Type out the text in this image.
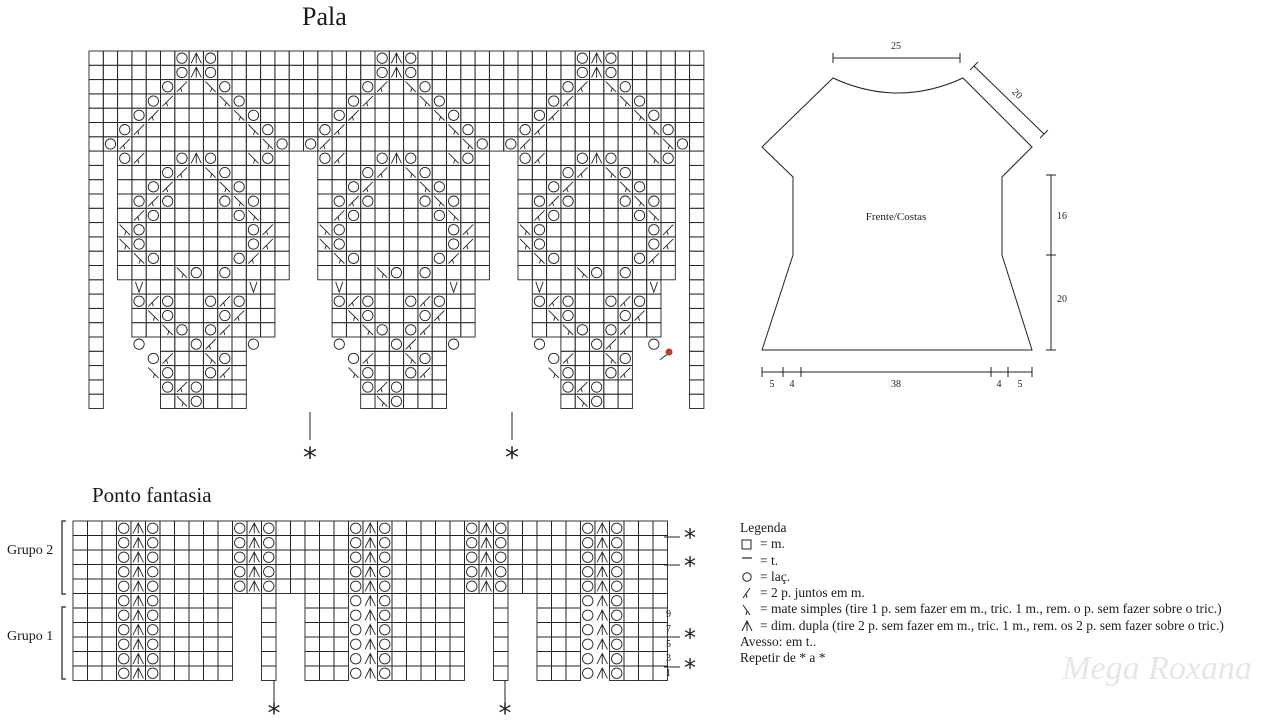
Pala
Ponto fantasia
*	*
*	*
*
*
*
*
Frente/Costas
25
20
16
20
5 4	38	4 5
9
7
5
3
1
Grupo 2
Grupo 1
Legenda
= m.
= t.
= laç.
= 2 p. juntos em m.
= mate simples (tire 1 p. sem fazer em m., tric. 1 m., rem. o p. sem fazer sobre o tric.)
= dim. dupla (tire 2 p. sem fazer em m., tric. 1 m., rem. os 2 p. sem fazer sobre o tric.)
Avesso: em t..
Repetir de * a *	Mega Roxana
